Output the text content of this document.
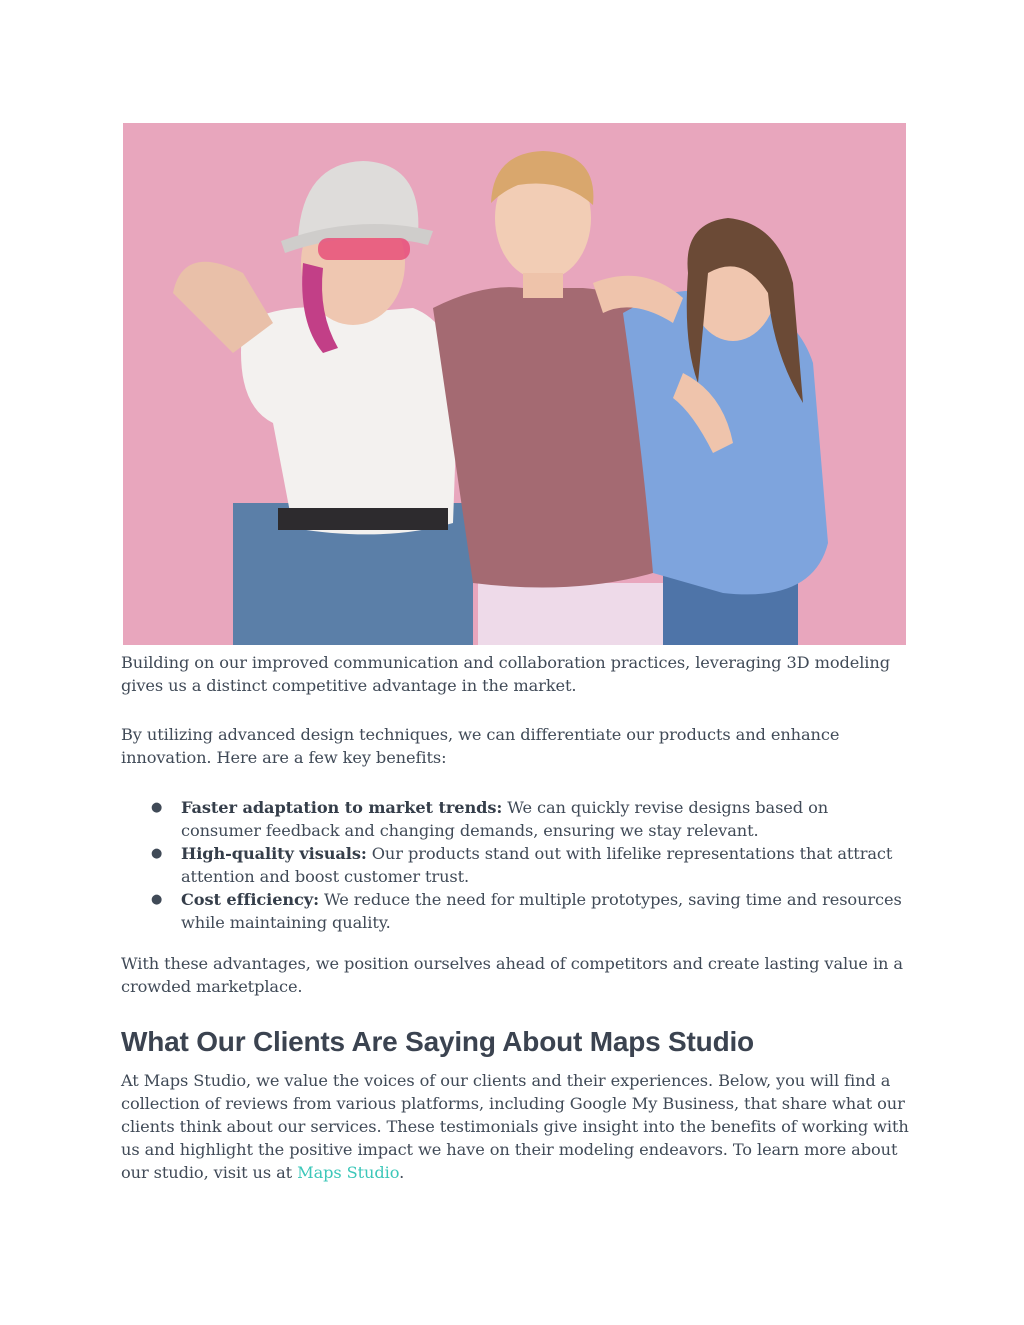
Building on our improved communication and collaboration practices, leveraging 3D modeling gives us a distinct competitive advantage in the market.
By utilizing advanced design techniques, we can differentiate our products and enhance innovation. Here are a few key benefits:
● Faster adaptation to market trends: We can quickly revise designs based on consumer feedback and changing demands, ensuring we stay relevant.
● High-quality visuals: Our products stand out with lifelike representations that attract attention and boost customer trust.
● Cost efficiency: We reduce the need for multiple prototypes, saving time and resources while maintaining quality.
With these advantages, we position ourselves ahead of competitors and create lasting value in a crowded marketplace.
What Our Clients Are Saying About Maps Studio
At Maps Studio, we value the voices of our clients and their experiences. Below, you will find a collection of reviews from various platforms, including Google My Business, that share what our clients think about our services. These testimonials give insight into the benefits of working with us and highlight the positive impact we have on their modeling endeavors. To learn more about our studio, visit us at Maps Studio.
